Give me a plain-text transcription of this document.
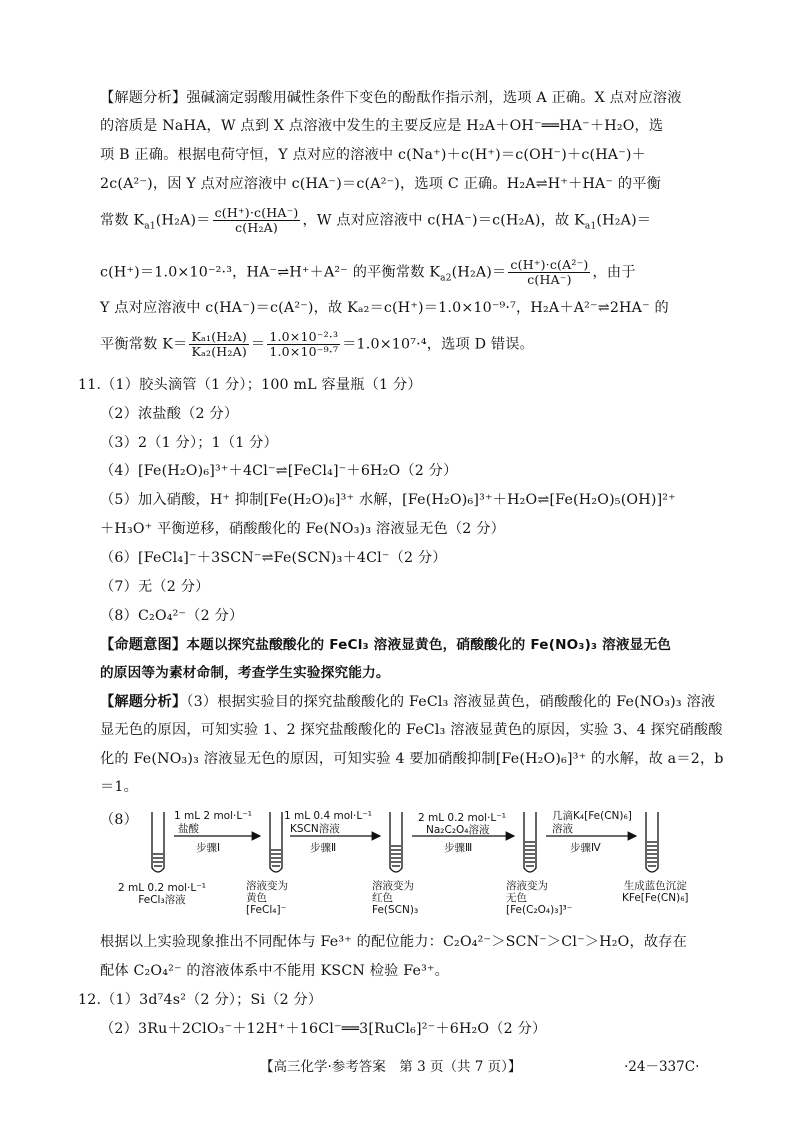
【解题分析】强碱滴定弱酸用碱性条件下变色的酚酞作指示剂，选项 A 正确。X 点对应溶液
的溶质是 NaHA，W 点到 X 点溶液中发生的主要反应是 H₂A＋OH⁻══HA⁻＋H₂O，选
项 B 正确。根据电荷守恒，Y 点对应的溶液中 c(Na⁺)＋c(H⁺)＝c(OH⁻)＋c(HA⁻)＋
2c(A²⁻)，因 Y 点对应溶液中 c(HA⁻)＝c(A²⁻)，选项 C 正确。H₂A⇌H⁺＋HA⁻ 的平衡
常数 $K_{a1}(H_2A)= \frac{c(H^+)\cdot c(HA^-)}{\text{c(H₂A)}}$ ，W 点对应溶液中 c(HA⁻)＝c(H₂A)，故 $K_{a1}(H_2A)=$
c(H⁺)＝1.0×10⁻²·³，HA⁻⇌H⁺＋A²⁻ 的平衡常数 $K_{a2}(H_2A)= \frac{\text{c(H⁺)·c(A²⁻)}}{c(HA^-)}$ ，由于
Y 点对应溶液中 c(HA⁻)＝c(A²⁻)，故 Kₐ₂＝c(H⁺)＝1.0×10⁻⁹·⁷，H₂A＋A²⁻⇌2HA⁻ 的
平衡常数 $K= \frac{\text{Kₐ₁(H₂A)}}{\text{Kₐ₂(H₂A)}} = \frac{\text{1.0×10⁻²·³}}{\text{1.0×10⁻⁹·⁷}} =1.0\times 10^7\cdot^4$，选项 D 错误。
11.（1）胶头滴管（1 分）；100 mL 容量瓶（1 分）
（2）浓盐酸（2 分）
（3）2（1 分）；1（1 分）
（4）[Fe(H₂O)₆]³⁺＋4Cl⁻⇌[FeCl₄]⁻＋6H₂O（2 分）
（5）加入硝酸，H⁺ 抑制[Fe(H₂O)₆]³⁺ 水解，[Fe(H₂O)₆]³⁺＋H₂O⇌[Fe(H₂O)₅(OH)]²⁺
＋H₃O⁺ 平衡逆移，硝酸酸化的 Fe(NO₃)₃ 溶液显无色（2 分）
（6）[FeCl₄]⁻＋3SCN⁻⇌Fe(SCN)₃＋4Cl⁻（2 分）
（7）无（2 分）
（8）C₂O₄²⁻（2 分）
【命题意图】本题以探究盐酸酸化的 FeCl₃ 溶液显黄色，硝酸酸化的 Fe(NO₃)₃ 溶液显无色
的原因等为素材命制，考查学生实验探究能力。
【解题分析】（3）根据实验目的探究盐酸酸化的 FeCl₃ 溶液显黄色，硝酸酸化的 Fe(NO₃)₃ 溶液
显无色的原因，可知实验 1、2 探究盐酸酸化的 FeCl₃ 溶液显黄色的原因，实验 3、4 探究硝酸酸
化的 Fe(NO₃)₃ 溶液显无色的原因，可知实验 4 要加硝酸抑制[Fe(H₂O)₆]³⁺ 的水解，故 a＝2，b
＝1。
（8）	1 mL 2 mol·L⁻¹
盐酸
步骤Ⅰ
1 mL 0.4 mol·L⁻¹
KSCN溶液
步骤Ⅱ
2 mL 0.2 mol·L⁻¹
Na₂C₂O₄溶液
步骤Ⅲ
几滴K₄[Fe(CN)₆]
溶液
步骤Ⅳ
2 mL 0.2 mol·L⁻¹
FeCl₃溶液
溶液变为
黄色
[FeCl₄]⁻
溶液变为
红色
Fe(SCN)₃
溶液变为
无色
[Fe(C₂O₄)₃]³⁻
生成蓝色沉淀
KFe[Fe(CN)₆]
根据以上实验现象推出不同配体与 Fe³⁺ 的配位能力：C₂O₄²⁻＞SCN⁻＞Cl⁻＞H₂O，故存在
配体 C₂O₄²⁻ 的溶液体系中不能用 KSCN 检验 Fe³⁺。
12.（1）3d⁷4s²（2 分）；Si（2 分）
（2）3Ru＋2ClO₃⁻＋12H⁺＋16Cl⁻══3[RuCl₆]²⁻＋6H₂O（2 分）
【高三化学·参考答案　第 3 页（共 7 页）】	·24－337C·
